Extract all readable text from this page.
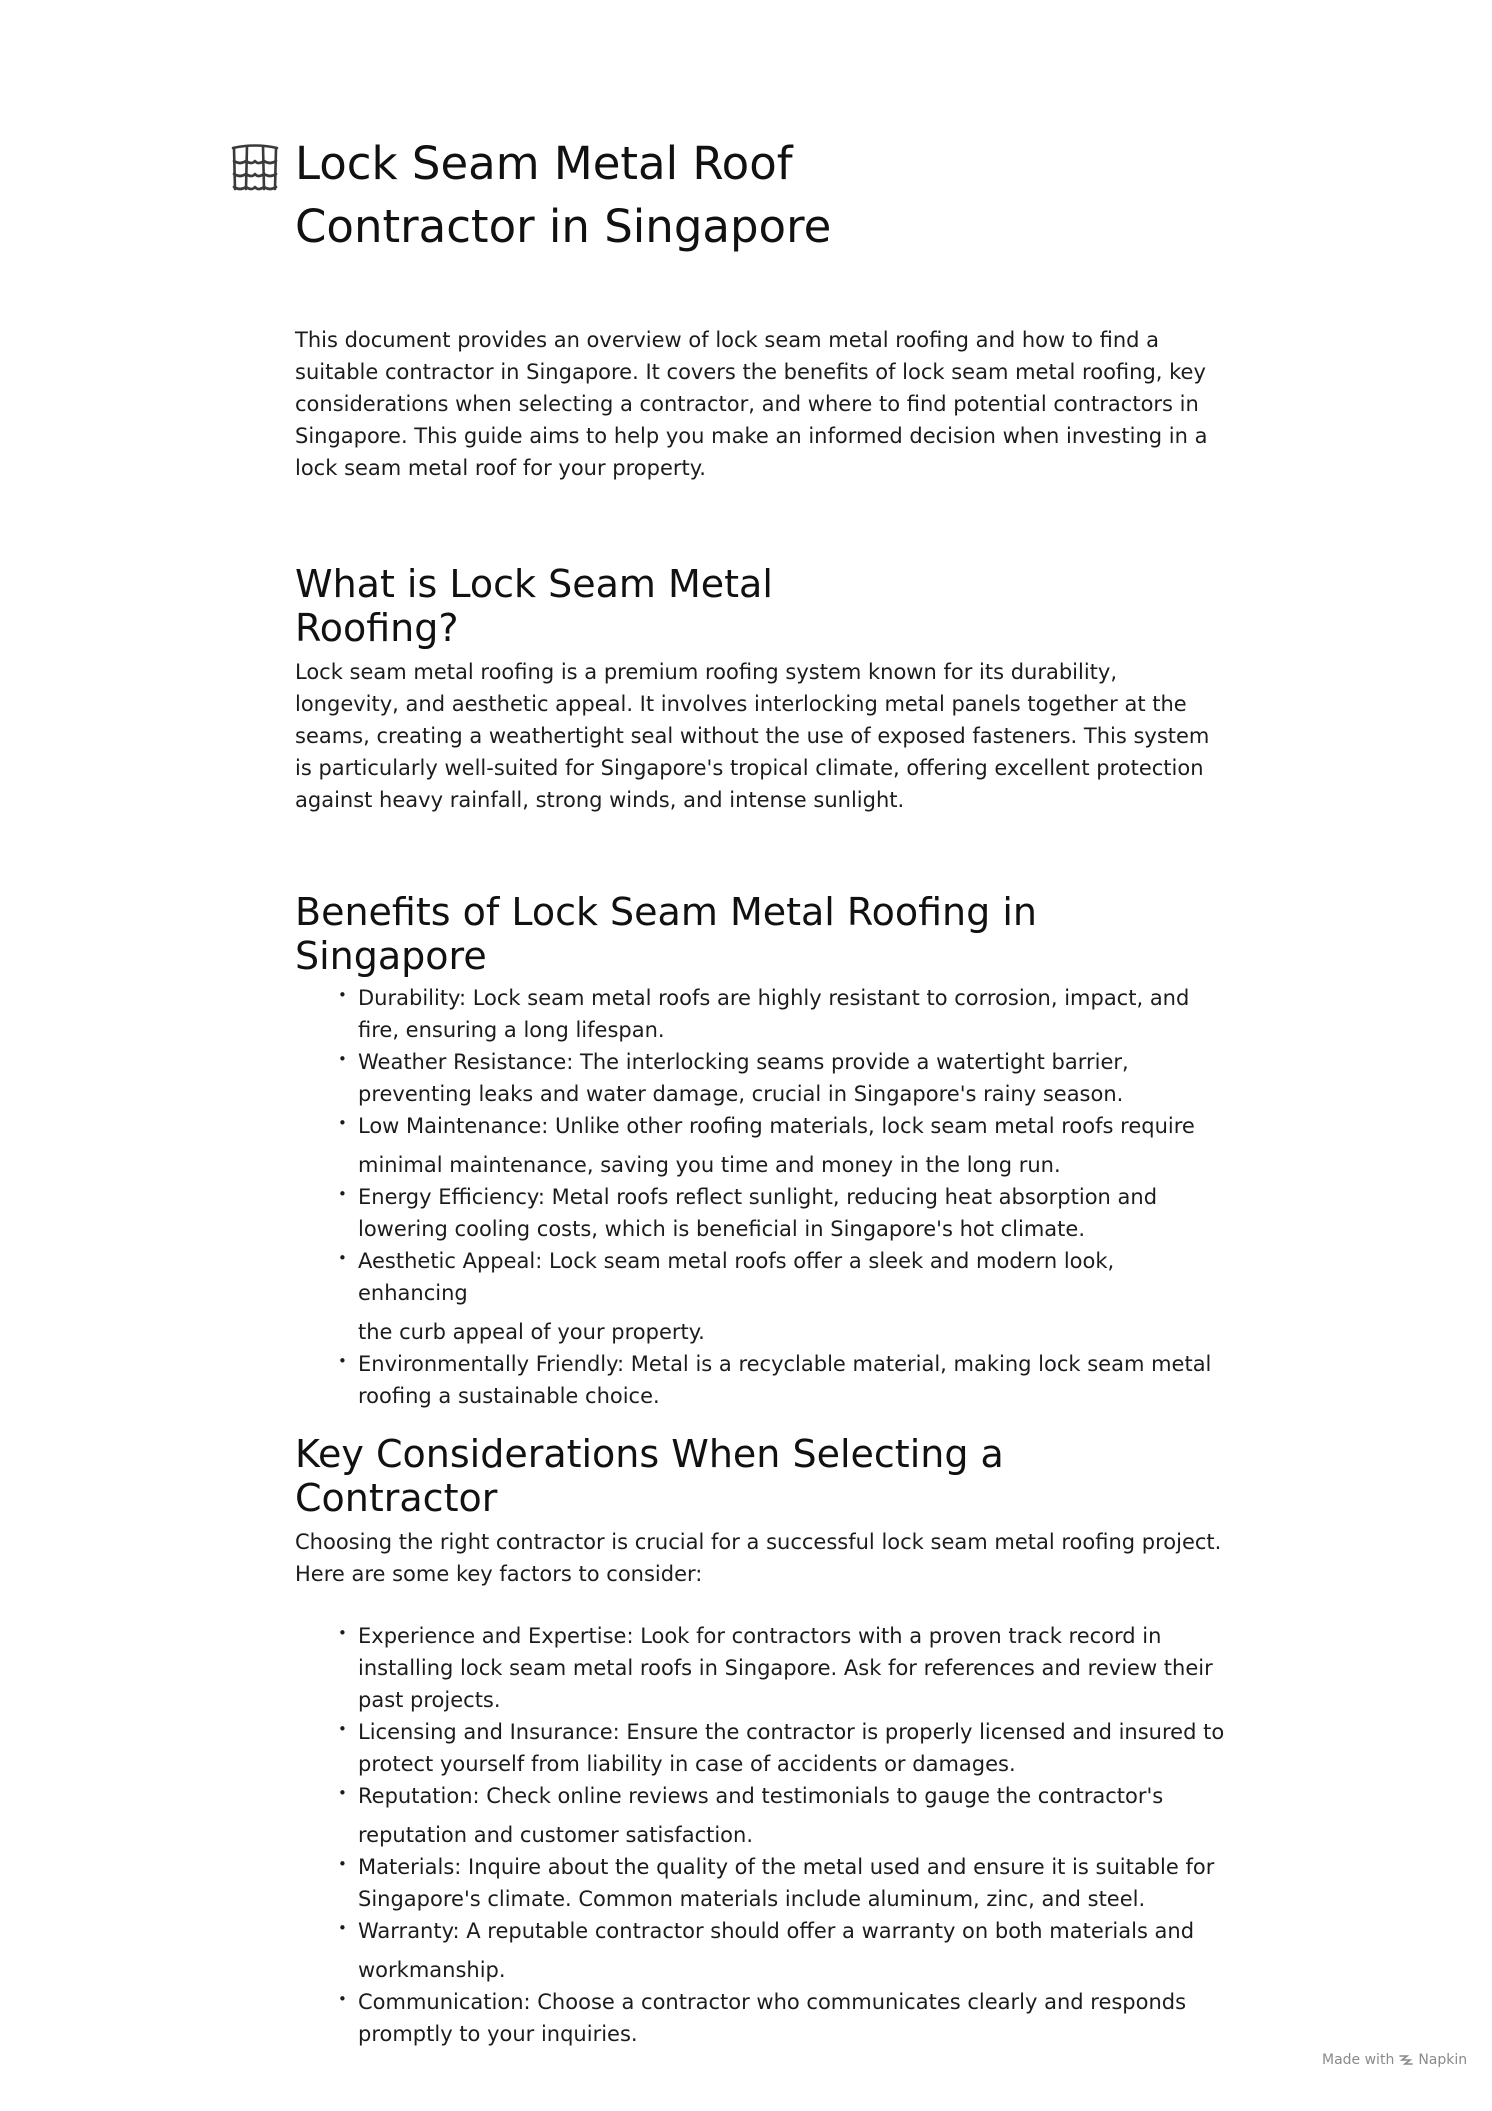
Lock Seam Metal Roof Contractor in Singapore

This document provides an overview of lock seam metal roofing and how to find a suitable contractor in Singapore. It covers the benefits of lock seam metal roofing, key considerations when selecting a contractor, and where to find potential contractors in Singapore. This guide aims to help you make an informed decision when investing in a lock seam metal roof for your property.

What is Lock Seam Metal Roofing?

Lock seam metal roofing is a premium roofing system known for its durability, longevity, and aesthetic appeal. It involves interlocking metal panels together at the seams, creating a weathertight seal without the use of exposed fasteners. This system is particularly well-suited for Singapore's tropical climate, offering excellent protection against heavy rainfall, strong winds, and intense sunlight.

Benefits of Lock Seam Metal Roofing in Singapore
• Durability: Lock seam metal roofs are highly resistant to corrosion, impact, and fire, ensuring a long lifespan.
• Weather Resistance: The interlocking seams provide a watertight barrier, preventing leaks and water damage, crucial in Singapore's rainy season.
• Low Maintenance: Unlike other roofing materials, lock seam metal roofs require
minimal maintenance, saving you time and money in the long run.
• Energy Efficiency: Metal roofs reflect sunlight, reducing heat absorption and lowering cooling costs, which is beneficial in Singapore's hot climate.
• Aesthetic Appeal: Lock seam metal roofs offer a sleek and modern look, enhancing
the curb appeal of your property.
• Environmentally Friendly: Metal is a recyclable material, making lock seam metal roofing a sustainable choice.
Key Considerations When Selecting a Contractor

Choosing the right contractor is crucial for a successful lock seam metal roofing project. Here are some key factors to consider:

• Experience and Expertise: Look for contractors with a proven track record in installing lock seam metal roofs in Singapore. Ask for references and review their past projects.
• Licensing and Insurance: Ensure the contractor is properly licensed and insured to protect yourself from liability in case of accidents or damages.
• Reputation: Check online reviews and testimonials to gauge the contractor's
reputation and customer satisfaction.
• Materials: Inquire about the quality of the metal used and ensure it is suitable for Singapore's climate. Common materials include aluminum, zinc, and steel.
• Warranty: A reputable contractor should offer a warranty on both materials and
workmanship.
• Communication: Choose a contractor who communicates clearly and responds promptly to your inquiries.
Made with Napkin
